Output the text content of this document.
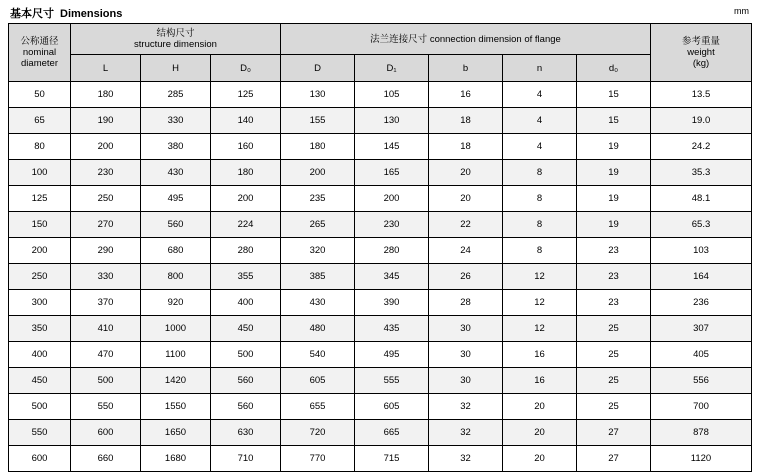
基本尺寸 Dimensions	mm
公称通径
nominal
diameter

结构尺寸
structure dimension	法兰连接尺寸 connection dimension of flange	参考重量
weight
(kg)

	L	H	D₀	D	D₁	b	n	d₀	
50	180	285	125	130	105	16	4	15	13.5
65	190	330	140	155	130	18	4	15	19.0
80	200	380	160	180	145	18	4	19	24.2
100	230	430	180	200	165	20	8	19	35.3
125	250	495	200	235	200	20	8	19	48.1
150	270	560	224	265	230	22	8	19	65.3
200	290	680	280	320	280	24	8	23	103
250	330	800	355	385	345	26	12	23	164
300	370	920	400	430	390	28	12	23	236
350	410	1000	450	480	435	30	12	25	307
400	470	1100	500	540	495	30	16	25	405
450	500	1420	560	605	555	30	16	25	556
500	550	1550	560	655	605	32	20	25	700
550	600	1650	630	720	665	32	20	27	878
600	660	1680	710	770	715	32	20	27	1120
